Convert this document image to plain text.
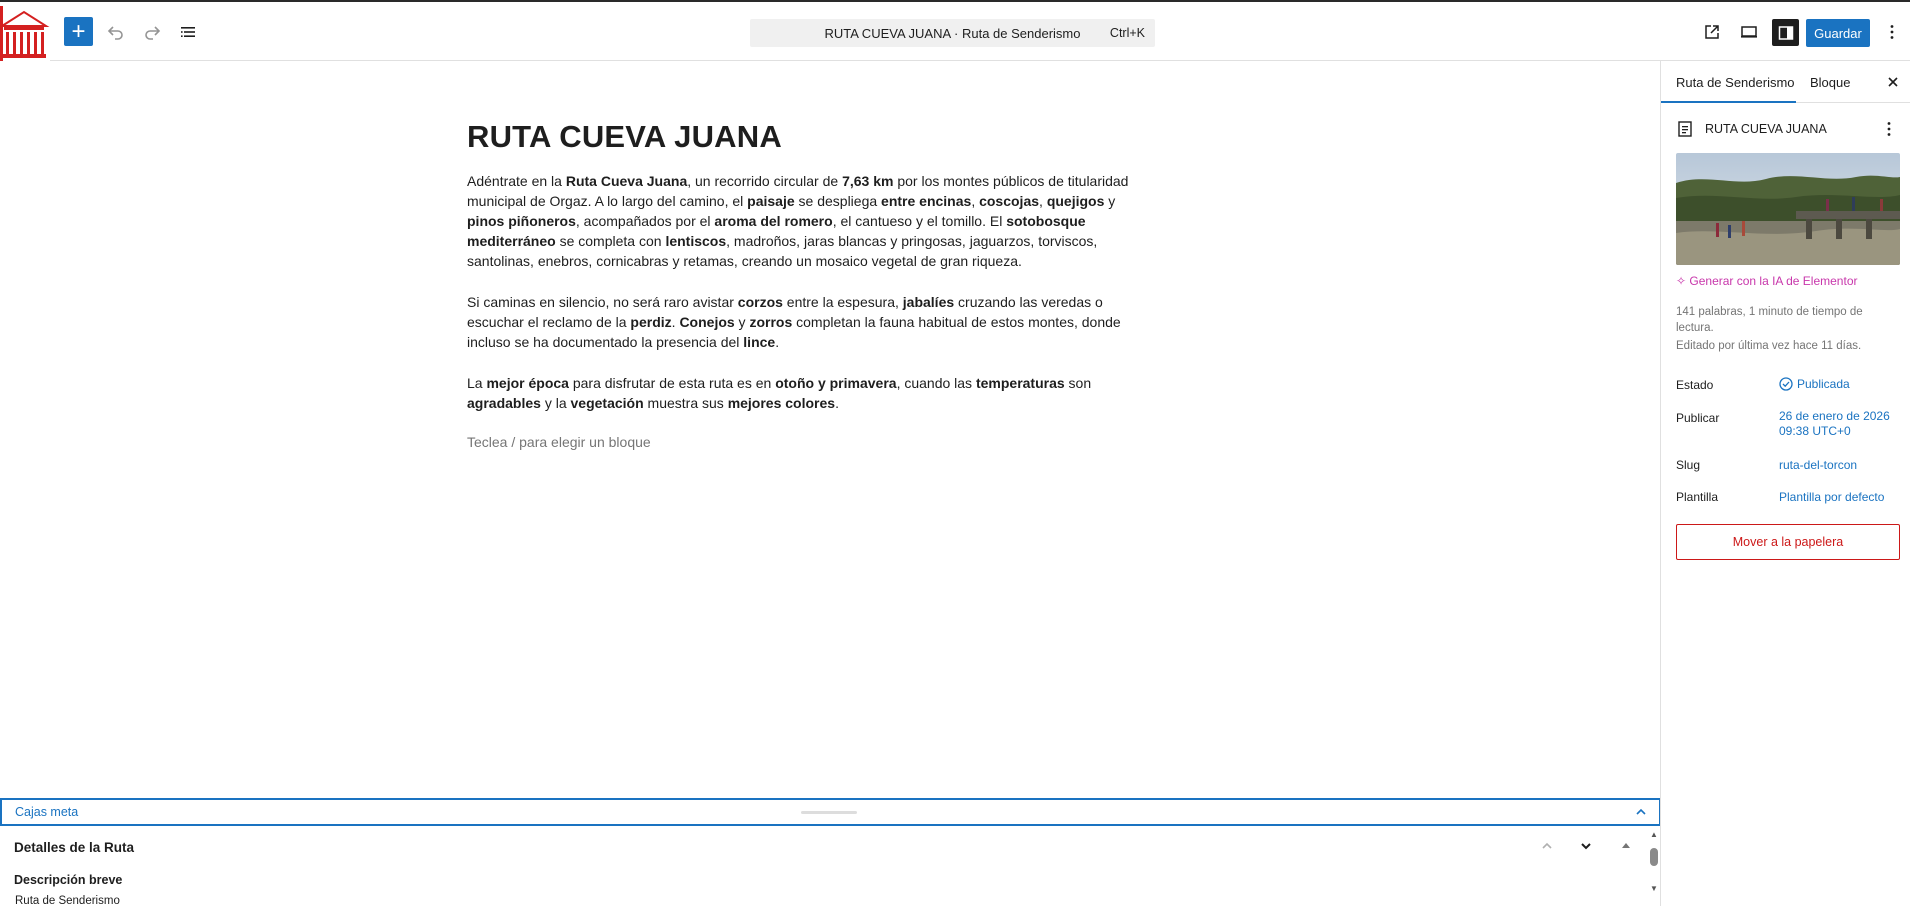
+	RUTA CUEVA JUANA · Ruta de Senderismo	Ctrl+K	Guardar
RUTA CUEVA JUANA

Adéntrate en la Ruta Cueva Juana, un recorrido circular de 7,63 km por los montes públicos de titularidad municipal de Orgaz. A lo largo del camino, el paisaje se despliega entre encinas, coscojas, quejigos y pinos piñoneros, acompañados por el aroma del romero, el cantueso y el tomillo. El sotobosque mediterráneo se completa con lentiscos, madroños, jaras blancas y pringosas, jaguarzos, torviscos, santolinas, enebros, cornicabras y retamas, creando un mosaico vegetal de gran riqueza.

Si caminas en silencio, no será raro avistar corzos entre la espesura, jabalíes cruzando las veredas o escuchar el reclamo de la perdiz. Conejos y zorros completan la fauna habitual de estos montes, donde incluso se ha documentado la presencia del lince.

La mejor época para disfrutar de esta ruta es en otoño y primavera, cuando las temperaturas son agradables y la vegetación muestra sus mejores colores.

Teclea / para elegir un bloque

Cajas meta
Detalles de la Ruta
Descripción breve
▲
▼
Ruta de Senderismo
Ruta de Senderismo Bloque
RUTA CUEVA JUANA
✧ Generar con la IA de Elementor
141 palabras, 1 minuto de tiempo de lectura.
Editado por última vez hace 11 días.
Estado	Publicada
Publicar	26 de enero de 2026 09:38 UTC+0
Slug	ruta-del-torcon
Plantilla	Plantilla por defecto
Mover a la papelera
